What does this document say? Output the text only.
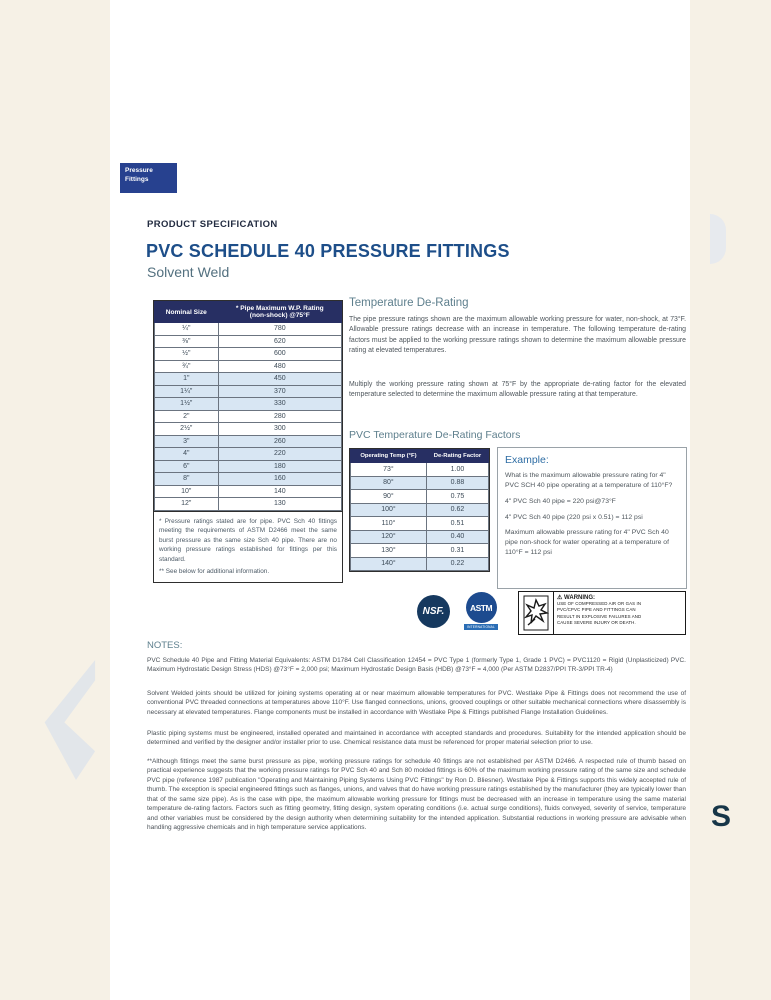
S
Pressure
Fittings
PRODUCT SPECIFICATION
PVC SCHEDULE 40 PRESSURE FITTINGS
Solvent Weld
Nominal Size	* Pipe Maximum W.P. Rating
(non-shock) @75°F

¼"	780
⅜"	620
½"	600
¾"	480
1"	450
1¼"	370
1½"	330
2"	280
2½"	300
3"	260
4"	220
6"	180
8"	160
10"	140
12"	130
* Pressure ratings stated are for pipe. PVC Sch 40 fittings meeting the requirements of ASTM D2466 meet the same burst pressure as the same size Sch 40 pipe. There are no working pressure ratings established for fittings per this standard.
** See below for additional information.
Temperature De-Rating
The pipe pressure ratings shown are the maximum allowable working pressure for water, non-shock, at 73°F. Allowable pressure ratings decrease with an increase in temperature. The following temperature de-rating factors must be applied to the working pressure ratings shown to determine the maximum allowable pressure rating at elevated temperatures.
Multiply the working pressure rating shown at 75°F by the appropriate de-rating factor for the elevated temperature selected to determine the maximum allowable pressure rating at that temperature.
PVC Temperature De-Rating Factors
Operating Temp (°F)	De-Rating Factor
73°	1.00
80°	0.88
90°	0.75
100°	0.62
110°	0.51
120°	0.40
130°	0.31
140°	0.22
Example:

What is the maximum allowable pressure rating for 4" PVC SCH 40 pipe operating at a temperature of 110°F?

4" PVC Sch 40 pipe = 220 psi@73°F

4" PVC Sch 40 pipe (220 psi x 0.51) = 112 psi

Maximum allowable pressure rating for 4" PVC Sch 40 pipe non-shock for water operating at a temperature of 110°F = 112 psi

NSF.	ASTM
INTERNATIONAL
⚠ WARNING:
USE OF COMPRESSED AIR OR GAS IN
PVC/CPVC PIPE AND FITTINGS CAN
RESULT IN EXPLOSIVE FAILURES AND
CAUSE SEVERE INJURY OR DEATH.
NOTES:
PVC Schedule 40 Pipe and Fitting Material Equivalents: ASTM D1784 Cell Classification 12454 = PVC Type 1 (formerly Type 1, Grade 1 PVC) = PVC1120 = Rigid (Unplasticized) PVC. Maximum Hydrostatic Design Stress (HDS) @73°F = 2,000 psi; Maximum Hydrostatic Design Basis (HDB) @73°F = 4,000 (Per ASTM D2837/PPI TR-3/PPI TR-4)
Solvent Welded joints should be utilized for joining systems operating at or near maximum allowable temperatures for PVC. Westlake Pipe & Fittings does not recommend the use of conventional PVC threaded connections at temperatures above 110°F. Use flanged connections, unions, grooved couplings or other suitable mechanical connections where disassembly is necessary at elevated temperatures. Flange components must be installed in accordance with Westlake Pipe & Fittings published Flange Installation Guidelines.
Plastic piping systems must be engineered, installed operated and maintained in accordance with accepted standards and procedures. Suitability for the intended application should be determined and verified by the designer and/or installer prior to use. Chemical resistance data must be referenced for proper material selection prior to use.
**Although fittings meet the same burst pressure as pipe, working pressure ratings for schedule 40 fittings are not established per ASTM D2466. A respected rule of thumb based on practical experience suggests that the working pressure ratings for PVC Sch 40 and Sch 80 molded fittings is 60% of the maximum working pressure rating of the same size and schedule PVC pipe (reference 1987 publication "Operating and Maintaining Piping Systems Using PVC Fittings" by Ron D. Bliesner). Westlake Pipe & Fittings supports this widely accepted rule of thumb. The exception is special engineered fittings such as flanges, unions, and valves that do have working pressure ratings established by the manufacturer (they are typically lower than that of the same size pipe). As is the case with pipe, the maximum allowable working pressure for fittings must be decreased with an increase in temperature using the same material temperature de-rating factors. Factors such as fitting geometry, fitting design, system operating conditions (i.e. actual surge conditions), fluids conveyed, severity of service, temperature and other variables must be considered by the design authority when determining suitability for the intended application. Substantial reductions in working pressure are advisable when handling aggressive chemicals and in high temperature service applications.
